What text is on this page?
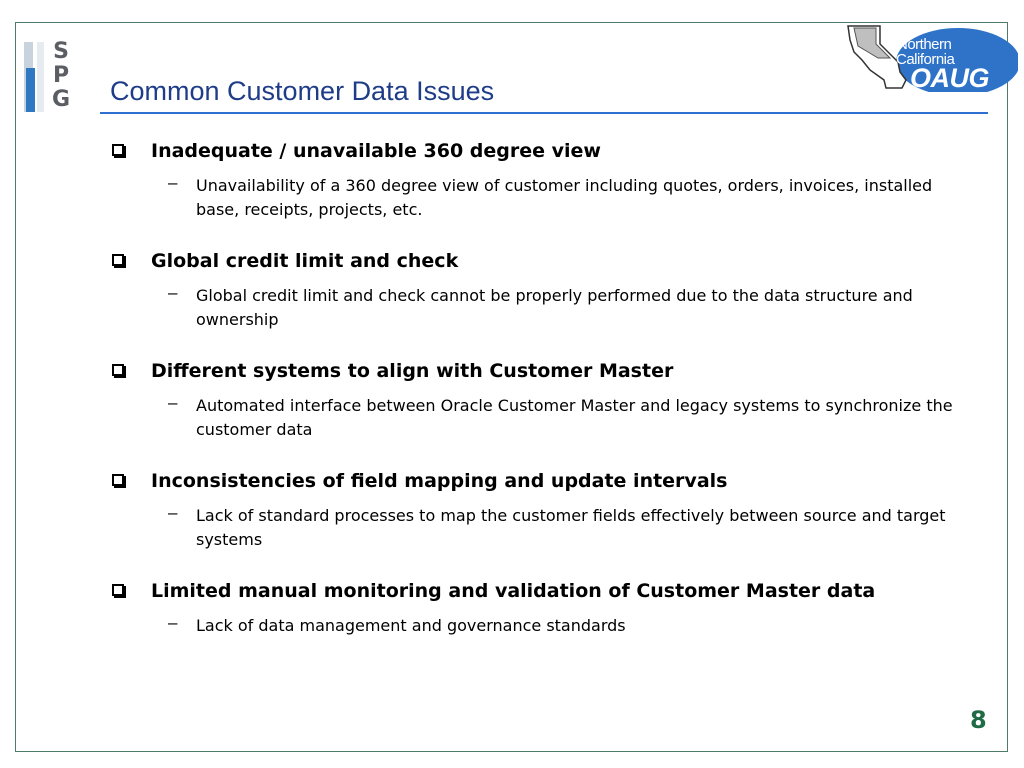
S
P
G Common Customer Data Issues
Northern
California
OAUG
Inadequate / unavailable 360 degree view
– Unavailability of a 360 degree view of customer including quotes, orders, invoices, installed base, receipts, projects, etc.
Global credit limit and check
– Global credit limit and check cannot be properly performed due to the data structure and ownership
Different systems to align with Customer Master
– Automated interface between Oracle Customer Master and legacy systems to synchronize the customer data
Inconsistencies of field mapping and update intervals
– Lack of standard processes to map the customer fields effectively between source and target systems
Limited manual monitoring and validation of Customer Master data
– Lack of data management and governance standards
8
